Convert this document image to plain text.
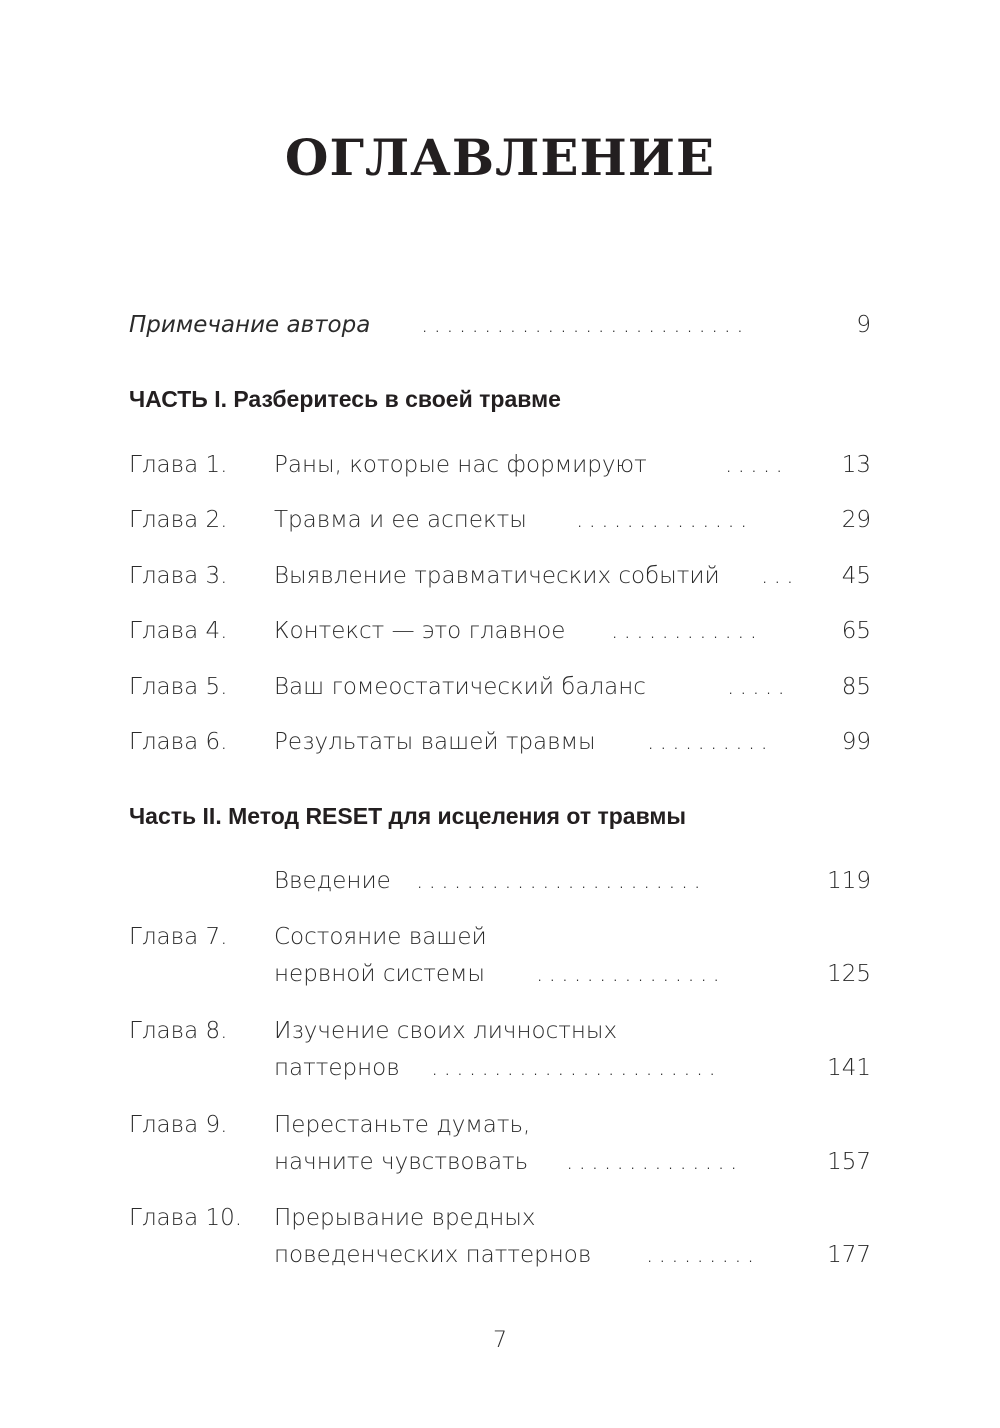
ОГЛАВЛЕНИЕ
Примечание автора ..........................	9
ЧАСТЬ I. Разберитесь в своей травме
Глава 1. Раны, которые нас формируют	..... 13
Глава 2. Травма и ее аспекты ..............	29
Глава 3. Выявление травматических событий ... 45
Глава 4. Контекст — это главное ............	65
Глава 5. Ваш гомеостатический баланс	..... 85
Глава 6. Результаты вашей травмы ..........	99
Часть II. Метод RESET для исцеления от травмы
Введение .......................	119
Глава 7. Состояние вашей
нервной системы ...............	125
Глава 8. Изучение своих личностных
паттернов .......................	141
Глава 9. Перестаньте думать,
начните чувствовать ..............	157
Глава 10. Прерывание вредных
поведенческих паттернов .........	177
7
